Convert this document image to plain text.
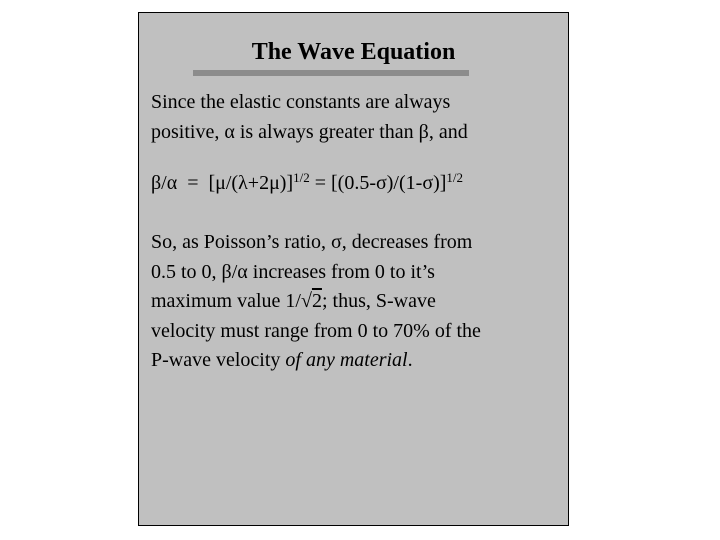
The Wave Equation
Since the elastic constants are always
positive, α is always greater than β, and
$\beta/\alpha = [\mu/(\lambda+2\mu)]^{1/2} = [(0.5-\sigma)/(1-\sigma)]^{1/2}$
So, as Poisson’s ratio, σ, decreases from
0.5 to 0, β/α increases from 0 to it’s
maximum value 1/√2; thus, S-wave
velocity must range from 0 to 70% of the
P-wave velocity of any material.
